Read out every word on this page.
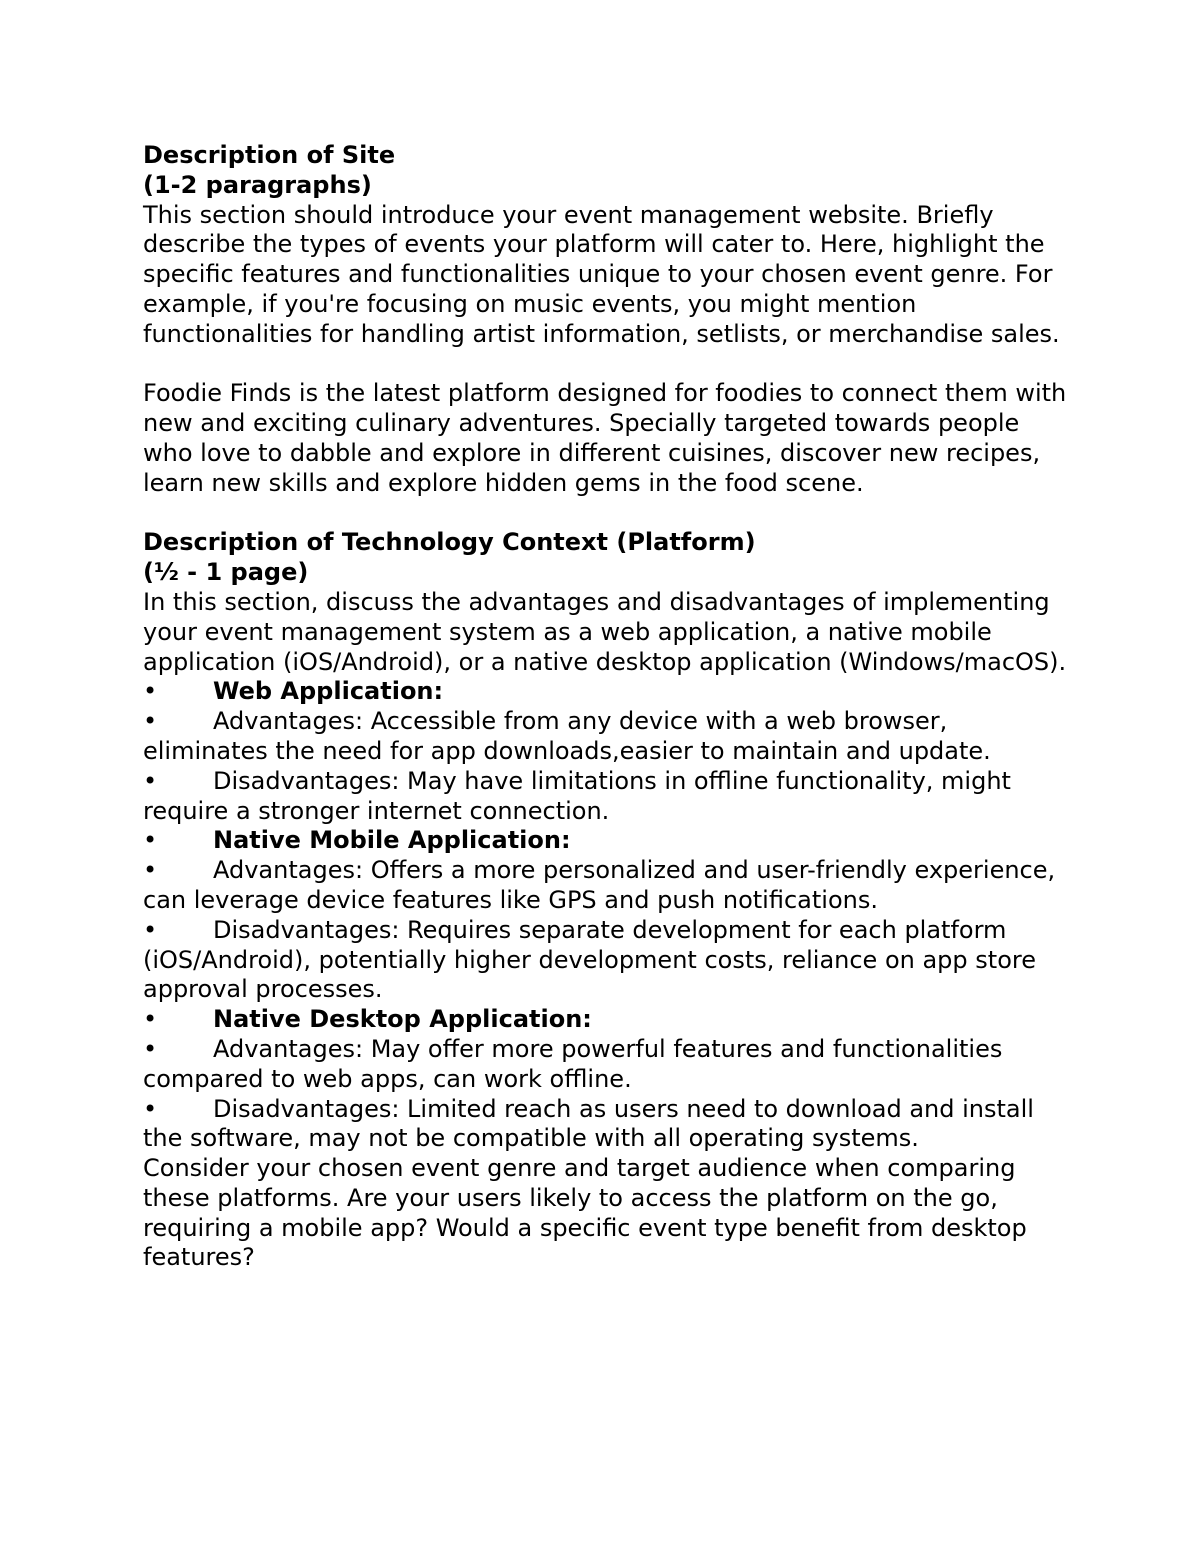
Description of Site

(1-2 paragraphs)

This section should introduce your event management website. Briefly describe the types of events your platform will cater to. Here, highlight the specific features and functionalities unique to your chosen event genre. For example, if you're focusing on music events, you might mention functionalities for handling artist information, setlists, or merchandise sales.

Foodie Finds is the latest platform designed for foodies to connect them with new and exciting culinary adventures. Specially targeted towards people who love to dabble and explore in different cuisines, discover new recipes, learn new skills and explore hidden gems in the food scene.

Description of Technology Context (Platform)

(½ - 1 page)

In this section, discuss the advantages and disadvantages of implementing your event management system as a web application, a native mobile application (iOS/Android), or a native desktop application (Windows/macOS).

• Web Application:

• Advantages: Accessible from any device with a web browser, eliminates the need for app downloads,easier to maintain and update.

• Disadvantages: May have limitations in offline functionality, might require a stronger internet connection.

• Native Mobile Application:

• Advantages: Offers a more personalized and user-friendly experience, can leverage device features like GPS and push notifications.

• Disadvantages: Requires separate development for each platform (iOS/Android), potentially higher development costs, reliance on app store approval processes.

• Native Desktop Application:

• Advantages: May offer more powerful features and functionalities compared to web apps, can work offline.

• Disadvantages: Limited reach as users need to download and install the software, may not be compatible with all operating systems.

Consider your chosen event genre and target audience when comparing these platforms. Are your users likely to access the platform on the go, requiring a mobile app? Would a specific event type benefit from desktop features?
